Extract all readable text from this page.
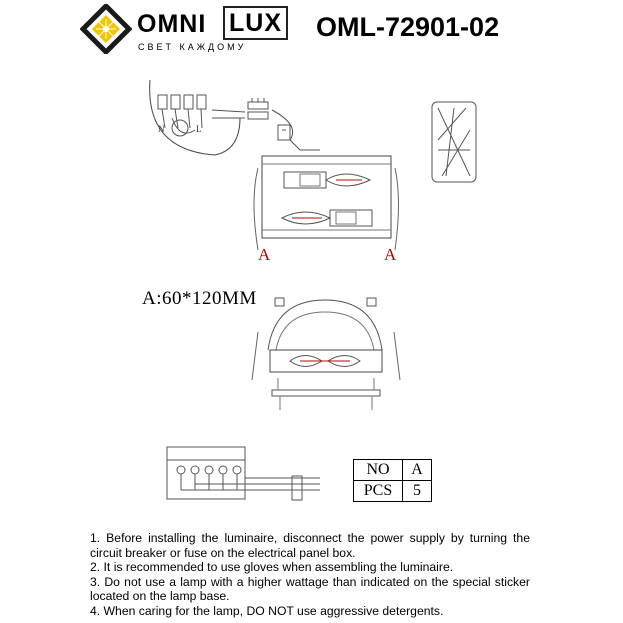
OMNI LUX
СВЕТ КАЖДОМУ
OML-72901-02
N	L
A	A
A:60*120MM
NO	A
PCS	5

1. Before installing the luminaire, disconnect the power supply by turning the circuit breaker or fuse on the electrical panel box.

2. It is recommended to use gloves when assembling the luminaire.

3. Do not use a lamp with a higher wattage than indicated on the special sticker located on the lamp base.

4. When caring for the lamp, DO NOT use aggressive detergents.
